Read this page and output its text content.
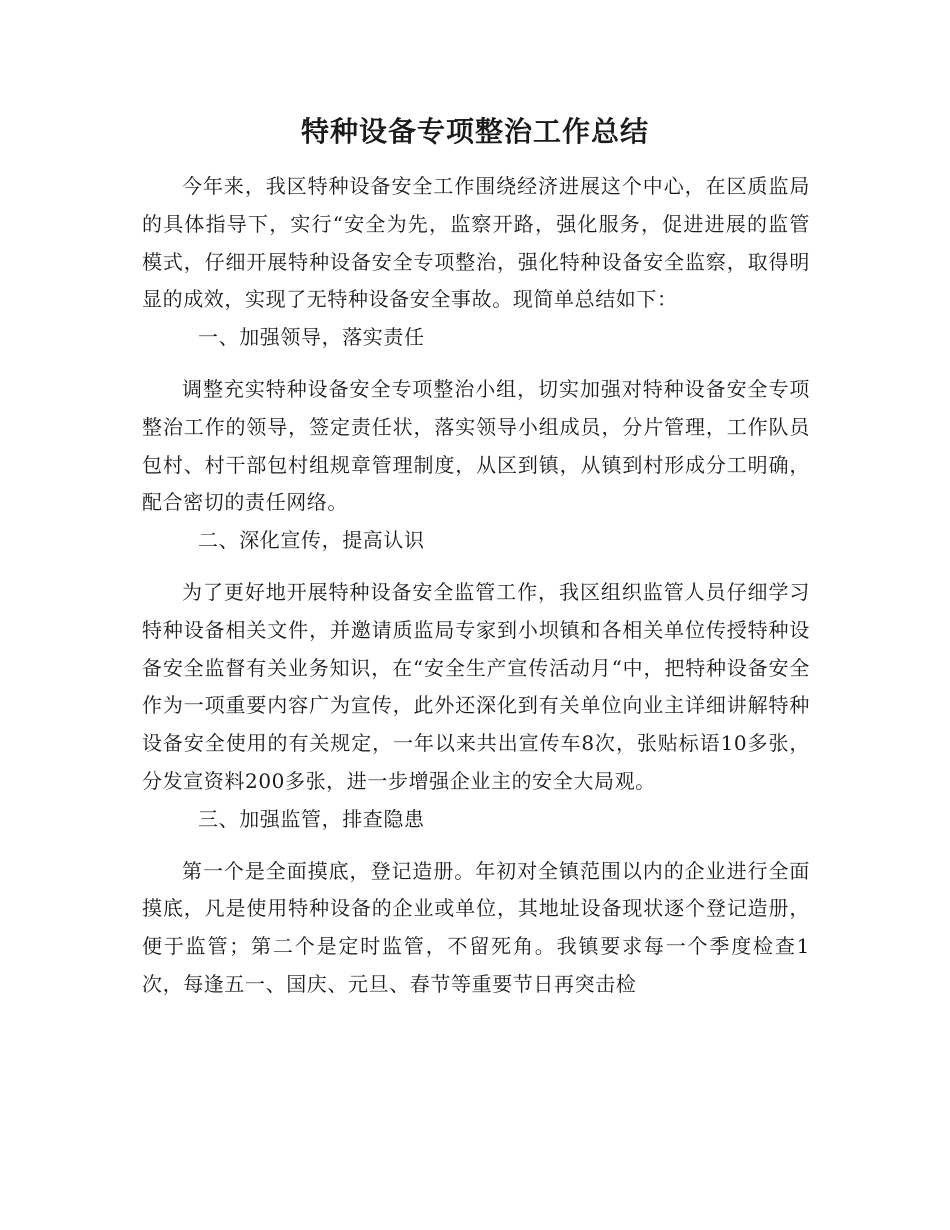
特种设备专项整治工作总结

今年来，我区特种设备安全工作围绕经济进展这个中心，在区质监局的具体指导下，实行“安全为先，监察开路，强化服务，促进进展的监管模式，仔细开展特种设备安全专项整治，强化特种设备安全监察，取得明显的成效，实现了无特种设备安全事故。现简单总结如下：

一、加强领导，落实责任

调整充实特种设备安全专项整治小组，切实加强对特种设备安全专项整治工作的领导，签定责任状，落实领导小组成员，分片管理，工作队员包村、村干部包村组规章管理制度，从区到镇，从镇到村形成分工明确，配合密切的责任网络。

二、深化宣传，提高认识

为了更好地开展特种设备安全监管工作，我区组织监管人员仔细学习特种设备相关文件，并邀请质监局专家到小坝镇和各相关单位传授特种设备安全监督有关业务知识，在“安全生产宣传活动月“中，把特种设备安全作为一项重要内容广为宣传，此外还深化到有关单位向业主详细讲解特种设备安全使用的有关规定，一年以来共出宣传车8次，张贴标语10多张，分发宣资料200多张，进一步增强企业主的安全大局观。

三、加强监管，排查隐患

第一个是全面摸底，登记造册。年初对全镇范围以内的企业进行全面摸底，凡是使用特种设备的企业或单位，其地址设备现状逐个登记造册，便于监管；第二个是定时监管，不留死角。我镇要求每一个季度检查1次，每逢五一、国庆、元旦、春节等重要节日再突击检
